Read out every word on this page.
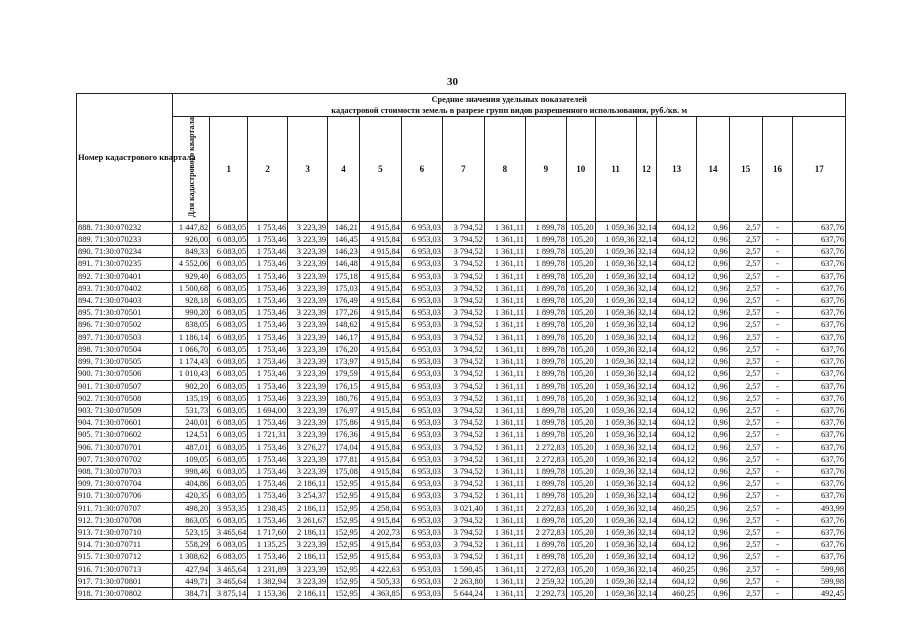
30
Номер кадастрового квартала	Средние значения удельных показателей
кадастровой стоимости земель в разрезе групп видов разрешенного использования, руб./кв. м																	

	Для кадастрового квартала	1	2	3	4	5	6	7	8	9	10	11	12	13	14	15	16	17
888. 71:30:070232	1 447,82	6 083,05	1 753,46	3 223,39	146,21	4 915,84	6 953,03	3 794,52	1 361,11	1 899,78	105,20	1 059,36	32,14	604,12	0,96	2,57	-	637,76
889. 71:30:070233	926,00	6 083,05	1 753,46	3 223,39	146,45	4 915,84	6 953,03	3 794,52	1 361,11	1 899,78	105,20	1 059,36	32,14	604,12	0,96	2,57	-	637,76
890. 71:30:070234	849,33	6 083,05	1 753,46	3 223,39	146,23	4 915,84	6 953,03	3 794,52	1 361,11	1 899,78	105,20	1 059,36	32,14	604,12	0,96	2,57	-	637,76
891. 71:30:070235	4 552,06	6 083,05	1 753,46	3 223,39	146,48	4 915,84	6 953,03	3 794,52	1 361,11	1 899,78	105,20	1 059,36	32,14	604,12	0,96	2,57	-	637,76
892. 71:30:070401	929,40	6 083,05	1 753,46	3 223,39	175,18	4 915,84	6 953,03	3 794,52	1 361,11	1 899,78	105,20	1 059,36	32,14	604,12	0,96	2,57	-	637,76
893. 71:30:070402	1 500,68	6 083,05	1 753,46	3 223,39	175,03	4 915,84	6 953,03	3 794,52	1 361,11	1 899,78	105,20	1 059,36	32,14	604,12	0,96	2,57	-	637,76
894. 71:30:070403	928,18	6 083,05	1 753,46	3 223,39	176,49	4 915,84	6 953,03	3 794,52	1 361,11	1 899,78	105,20	1 059,36	32,14	604,12	0,96	2,57	-	637,76
895. 71:30:070501	990,20	6 083,05	1 753,46	3 223,39	177,26	4 915,84	6 953,03	3 794,52	1 361,11	1 899,78	105,20	1 059,36	32,14	604,12	0,96	2,57	-	637,76
896. 71:30:070502	838,05	6 083,05	1 753,46	3 223,39	148,62	4 915,84	6 953,03	3 794,52	1 361,11	1 899,78	105,20	1 059,36	32,14	604,12	0,96	2,57	-	637,76
897. 71:30:070503	1 186,14	6 083,05	1 753,46	3 223,39	146,17	4 915,84	6 953,03	3 794,52	1 361,11	1 899,78	105,20	1 059,36	32,14	604,12	0,96	2,57	-	637,76
898. 71:30:070504	1 066,70	6 083,05	1 753,46	3 223,39	176,20	4 915,84	6 953,03	3 794,52	1 361,11	1 899,78	105,20	1 059,36	32,14	604,12	0,96	2,57	-	637,76
899. 71:30:070505	1 174,43	6 083,05	1 753,46	3 223,39	173,97	4 915,84	6 953,03	3 794,52	1 361,11	1 899,78	105,20	1 059,36	32,14	604,12	0,96	2,57	-	637,76
900. 71:30:070506	1 010,43	6 083,05	1 753,46	3 223,39	179,59	4 915,84	6 953,03	3 794,52	1 361,11	1 899,78	105,20	1 059,36	32,14	604,12	0,96	2,57	-	637,76
901. 71:30:070507	902,20	6 083,05	1 753,46	3 223,39	176,15	4 915,84	6 953,03	3 794,52	1 361,11	1 899,78	105,20	1 059,36	32,14	604,12	0,96	2,57	-	637,76
902. 71:30:070508	135,19	6 083,05	1 753,46	3 223,39	180,76	4 915,84	6 953,03	3 794,52	1 361,11	1 899,78	105,20	1 059,36	32,14	604,12	0,96	2,57	-	637,76
903. 71:30:070509	531,73	6 083,05	1 694,00	3 223,39	176,97	4 915,84	6 953,03	3 794,52	1 361,11	1 899,78	105,20	1 059,36	32,14	604,12	0,96	2,57	-	637,76
904. 71:30:070601	240,01	6 083,05	1 753,46	3 223,39	175,86	4 915,84	6 953,03	3 794,52	1 361,11	1 899,78	105,20	1 059,36	32,14	604,12	0,96	2,57	-	637,76
905. 71:30:070602	124,51	6 083,05	1 721,31	3 223,39	176,36	4 915,84	6 953,03	3 794,52	1 361,11	1 899,78	105,20	1 059,36	32,14	604,12	0,96	2,57	-	637,76
906. 71:30:070701	487,01	6 083,05	1 753,46	3 276,27	174,04	4 915,84	6 953,03	3 794,52	1 361,11	2 272,83	105,20	1 059,36	32,14	604,12	0,96	2,57	-	637,76
907. 71:30:070702	109,05	6 083,05	1 753,46	3 223,39	177,81	4 915,84	6 953,03	3 794,52	1 361,11	2 272,83	105,20	1 059,36	32,14	604,12	0,96	2,57	-	637,76
908. 71:30:070703	998,46	6 083,05	1 753,46	3 223,39	175,08	4 915,84	6 953,03	3 794,52	1 361,11	1 899,78	105,20	1 059,36	32,14	604,12	0,96	2,57	-	637,76
909. 71:30:070704	404,86	6 083,05	1 753,46	2 186,11	152,95	4 915,84	6 953,03	3 794,52	1 361,11	1 899,78	105,20	1 059,36	32,14	604,12	0,96	2,57	-	637,76
910. 71:30:070706	420,35	6 083,05	1 753,46	3 254,37	152,95	4 915,84	6 953,03	3 794,52	1 361,11	1 899,78	105,20	1 059,36	32,14	604,12	0,96	2,57	-	637,76
911. 71:30:070707	498,20	3 953,35	1 238,45	2 186,11	152,95	4 258,04	6 953,03	3 021,40	1 361,11	2 272,83	105,20	1 059,36	32,14	460,25	0,96	2,57	-	493,99
912. 71:30:070708	863,05	6 083,05	1 753,46	3 261,67	152,95	4 915,84	6 953,03	3 794,52	1 361,11	1 899,78	105,20	1 059,36	32,14	604,12	0,96	2,57	-	637,76
913. 71:30:070710	523,15	3 465,64	1 717,60	2 186,11	152,95	4 202,73	6 953,03	3 794,52	1 361,11	2 272,83	105,20	1 059,36	32,14	604,12	0,96	2,57	-	637,76
914. 71:30:070711	558,29	6 083,05	1 135,25	3 223,39	152,95	4 915,84	6 953,03	3 794,52	1 361,11	1 899,78	105,20	1 059,36	32,14	604,12	0,96	2,57	-	637,76
915. 71:30:070712	1 308,62	6 083,05	1 753,46	2 186,11	152,95	4 915,84	6 953,03	3 794,52	1 361,11	1 899,78	105,20	1 059,36	32,14	604,12	0,96	2,57	-	637,76
916. 71:30:070713	427,94	3 465,64	1 231,89	3 223,39	152,95	4 422,63	6 953,03	1 590,45	1 361,11	2 272,83	105,20	1 059,36	32,14	460,25	0,96	2,57	-	599,98
917. 71:30:070801	449,71	3 465,64	1 382,94	3 223,39	152,95	4 505,33	6 953,03	2 263,80	1 361,11	2 259,32	105,20	1 059,36	32,14	604,12	0,96	2,57	-	599,98
918. 71:30:070802	384,71	3 875,14	1 153,36	2 186,11	152,95	4 363,85	6 953,03	5 644,24	1 361,11	2 292,73	105,20	1 059,36	32,14	460,25	0,96	2,57	-	492,45
